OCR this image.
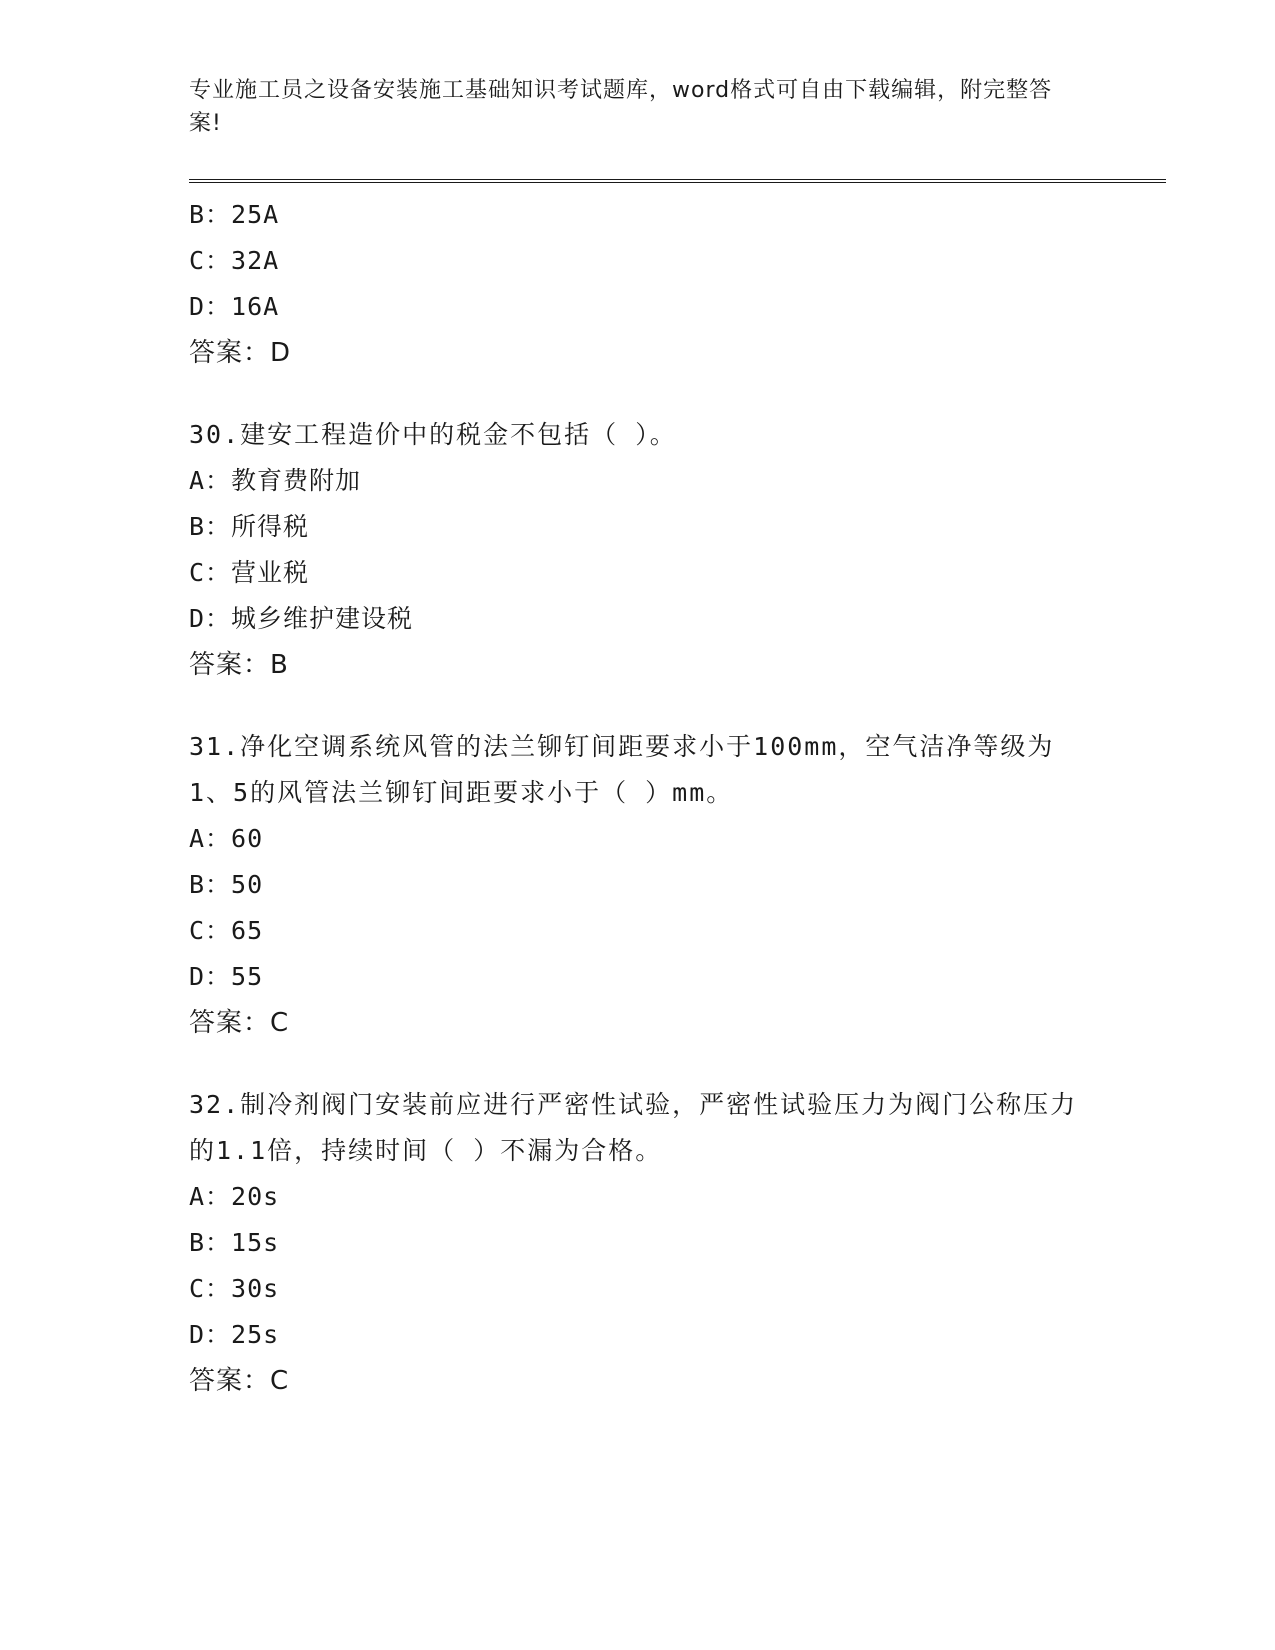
专业施工员之设备安装施工基础知识考试题库，word格式可自由下载编辑，附完整答案!
B：25A
C：32A
D：16A
答案：D
30.建安工程造价中的税金不包括（ ）。
A：教育费附加
B：所得税
C：营业税
D：城乡维护建设税
答案：B
31.净化空调系统风管的法兰铆钉间距要求小于100mm，空气洁净等级为1、5的风管法兰铆钉间距要求小于（ ）mm。
A：60
B：50
C：65
D：55
答案：C
32.制冷剂阀门安装前应进行严密性试验，严密性试验压力为阀门公称压力的1.1倍，持续时间（ ）不漏为合格。
A：20s
B：15s
C：30s
D：25s
答案：C
